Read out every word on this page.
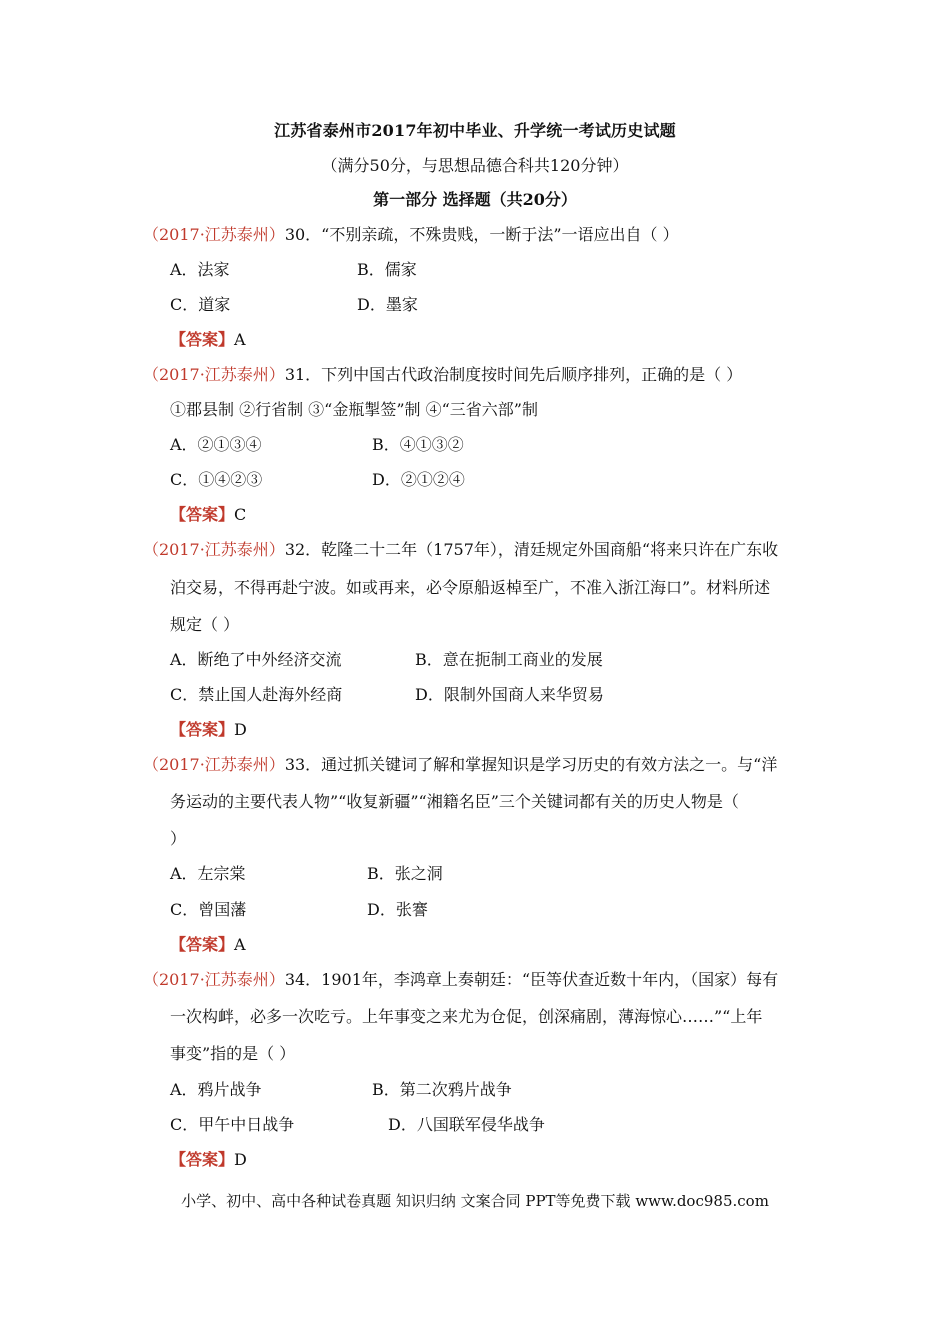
江苏省泰州市2017年初中毕业、升学统一考试历史试题
（满分50分，与思想品德合科共120分钟）
第一部分 选择题（共20分）
（2017·江苏泰州）30．“不别亲疏，不殊贵贱，一断于法”一语应出自（ ）
A．法家	B．儒家
C．道家	D．墨家
【答案】A
（2017·江苏泰州）31．下列中国古代政治制度按时间先后顺序排列，正确的是（ ）
①郡县制 ②行省制 ③“金瓶掣签”制 ④“三省六部”制
A．②①③④	B．④①③②
C．①④②③	D．②①②④
【答案】C
（2017·江苏泰州）32．乾隆二十二年（1757年），清廷规定外国商船“将来只许在广东收
泊交易，不得再赴宁波。如或再来，必令原船返棹至广，不准入浙江海口”。材料所述
规定（ ）
A．断绝了中外经济交流	B．意在扼制工商业的发展
C．禁止国人赴海外经商	D．限制外国商人来华贸易
【答案】D
（2017·江苏泰州）33．通过抓关键词了解和掌握知识是学习历史的有效方法之一。与“洋
务运动的主要代表人物”“收复新疆”“湘籍名臣”三个关键词都有关的历史人物是（
）
A．左宗棠	B．张之洞
C．曾国藩	D．张謇
【答案】A
（2017·江苏泰州）34．1901年，李鸿章上奏朝廷：“臣等伏查近数十年内，（国家）每有
一次构衅，必多一次吃亏。上年事变之来尤为仓促，创深痛剧，薄海惊心……”“上年
事变”指的是（ ）
A．鸦片战争	B．第二次鸦片战争
C．甲午中日战争	D．八国联军侵华战争
【答案】D
小学、初中、高中各种试卷真题 知识归纳 文案合同 PPT等免费下载 www.doc985.com
